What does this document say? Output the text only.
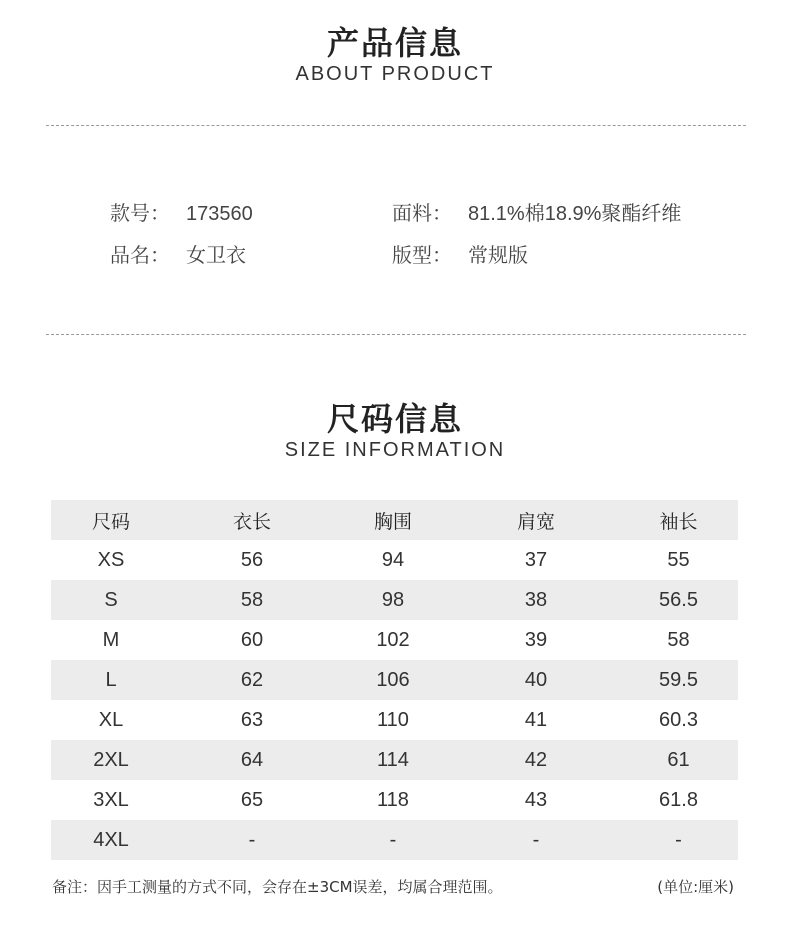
产品信息
ABOUT PRODUCT
款号： 173560
品名： 女卫衣
面料： 81.1%棉18.9%聚酯纤维
版型： 常规版
尺码信息
SIZE INFORMATION
尺码	衣长	胸围	肩宽	袖长
XS	56	94	37	55
S	58	98	38	56.5
M	60	102	39	58
L	62	106	40	59.5
XL	63	110	41	60.3
2XL	64	114	42	61
3XL	65	118	43	61.8
4XL	-	-	-	-
备注：因手工测量的方式不同，会存在±3CM误差，均属合理范围。	(单位:厘米)
